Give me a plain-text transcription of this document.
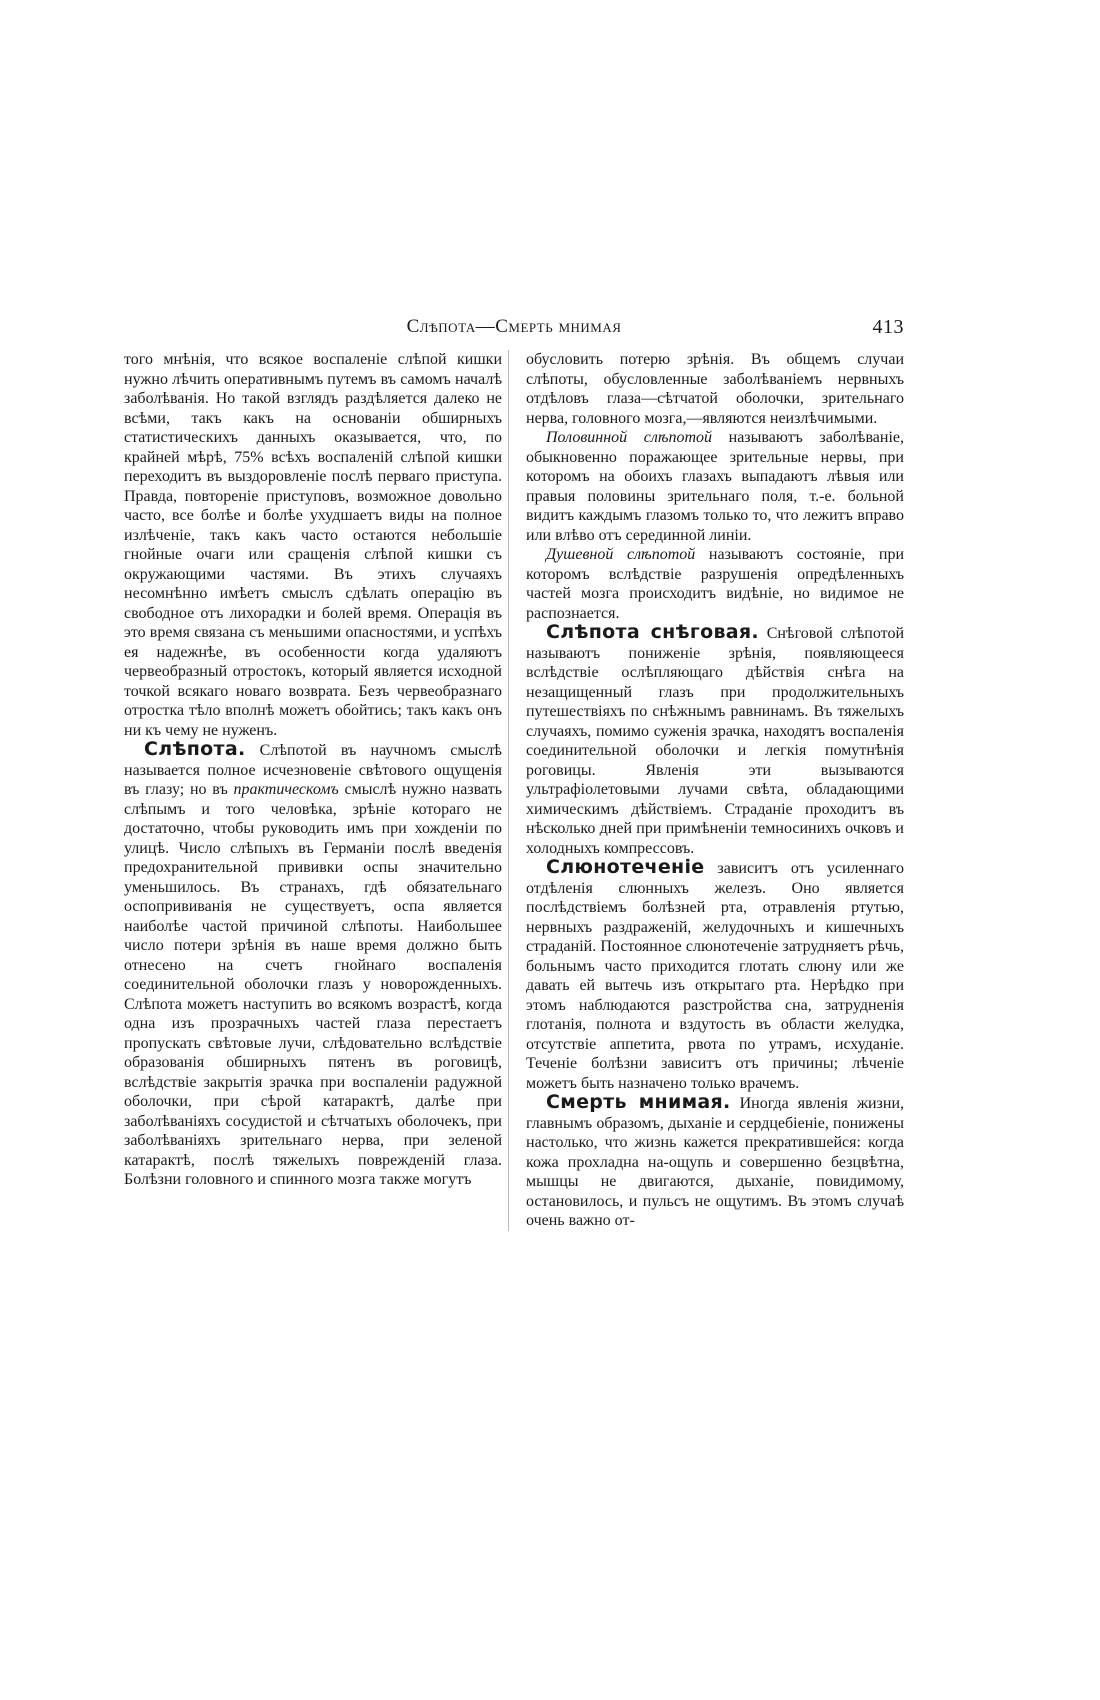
Слѣпота—Смерть мнимая	413

того мнѣнія, что всякое воспаленіе слѣпой кишки нужно лѣчить оперативнымъ путемъ въ самомъ началѣ заболѣванія. Но такой взглядъ раздѣляется далеко не всѣми, такъ какъ на основаніи обширныхъ статистическихъ данныхъ оказывается, что, по крайней мѣрѣ, 75% всѣхъ воспаленій слѣпой кишки переходитъ въ выздоровленіе послѣ перваго приступа. Правда, повтореніе приступовъ, возможное довольно часто, все болѣе и болѣе ухудшаетъ виды на полное излѣченіе, такъ какъ часто остаются небольшіе гнойные очаги или сращенія слѣпой кишки съ окружающими частями. Въ этихъ случаяхъ несомнѣнно имѣетъ смыслъ сдѣлать операцію въ свободное отъ лихорадки и болей время. Операція въ это время связана съ меньшими опасностями, и успѣхъ ея надежнѣе, въ особенности когда удаляютъ червеобразный отростокъ, который является исходной точкой всякаго новаго возврата. Безъ червеобразнаго отростка тѣло вполнѣ можетъ обойтись; такъ какъ онъ ни къ чему не нуженъ.

Слѣпота. Слѣпотой въ научномъ смыслѣ называется полное исчезновеніе свѣтового ощущенія въ глазу; но въ практическомъ смыслѣ нужно назвать слѣпымъ и того человѣка, зрѣніе котораго не достаточно, чтобы руководить имъ при хожденіи по улицѣ. Число слѣпыхъ въ Германіи послѣ введенія предохранительной прививки оспы значительно уменьшилось. Въ странахъ, гдѣ обязательнаго оспопрививанія не существуетъ, оспа является наиболѣе частой причиной слѣпоты. Наибольшее число потери зрѣнія въ наше время должно быть отнесено на счетъ гнойнаго воспаленія соединительной оболочки глазъ у новорожденныхъ. Слѣпота можетъ наступить во всякомъ возрастѣ, когда одна изъ прозрачныхъ частей глаза перестаетъ пропускать свѣтовые лучи, слѣдовательно вслѣдствіе образованія обширныхъ пятенъ въ роговицѣ, вслѣдствіе закрытія зрачка при воспаленіи радужной оболочки, при сѣрой катарактѣ, далѣе при заболѣваніяхъ сосудистой и сѣтчатыхъ оболочекъ, при заболѣваніяхъ зрительнаго нерва, при зеленой катарактѣ, послѣ тяжелыхъ поврежденій глаза. Болѣзни головного и спинного мозга также могутъ

обусловить потерю зрѣнія. Въ общемъ случаи слѣпоты, обусловленные заболѣваніемъ нервныхъ отдѣловъ глаза—сѣтчатой оболочки, зрительнаго нерва, головного мозга,—являются неизлѣчимыми.

Половинной слѣпотой называютъ заболѣваніе, обыкновенно поражающее зрительные нервы, при которомъ на обоихъ глазахъ выпадаютъ лѣвыя или правыя половины зрительнаго поля, т.-е. больной видитъ каждымъ глазомъ только то, что лежитъ вправо или влѣво отъ серединной линіи.

Душевной слѣпотой называютъ состояніе, при которомъ вслѣдствіе разрушенія опредѣленныхъ частей мозга происходитъ видѣніе, но видимое не распознается.

Слѣпота снѣговая. Снѣговой слѣпотой называютъ пониженіе зрѣнія, появляющееся вслѣдствіе ослѣпляющаго дѣйствія снѣга на незащищенный глазъ при продолжительныхъ путешествіяхъ по снѣжнымъ равнинамъ. Въ тяжелыхъ случаяхъ, помимо суженія зрачка, находятъ воспаленія соединительной оболочки и легкія помутнѣнія роговицы. Явленія эти вызываются ультрафіолетовыми лучами свѣта, обладающими химическимъ дѣйствіемъ. Страданіе проходитъ въ нѣсколько дней при примѣненіи темносинихъ очковъ и холодныхъ компрессовъ.

Слюнотеченіе зависитъ отъ усиленнаго отдѣленія слюнныхъ железъ. Оно является послѣдствіемъ болѣзней рта, отравленія ртутью, нервныхъ раздраженій, желудочныхъ и кишечныхъ страданій. Постоянное слюнотеченіе затрудняетъ рѣчь, больнымъ часто приходится глотать слюну или же давать ей вытечь изъ открытаго рта. Нерѣдко при этомъ наблюдаются разстройства сна, затрудненія глотанія, полнота и вздутость въ области желудка, отсутствіе аппетита, рвота по утрамъ, исхуданіе. Теченіе болѣзни зависитъ отъ причины; лѣченіе можетъ быть назначено только врачемъ.

Смерть мнимая. Иногда явленія жизни, главнымъ образомъ, дыханіе и сердцебіеніе, понижены настолько, что жизнь кажется прекратившейся: когда кожа прохладна на-ощупь и совершенно безцвѣтна, мышцы не двигаются, дыханіе, повидимому, остановилось, и пульсъ не ощутимъ. Въ этомъ случаѣ очень важно от-
